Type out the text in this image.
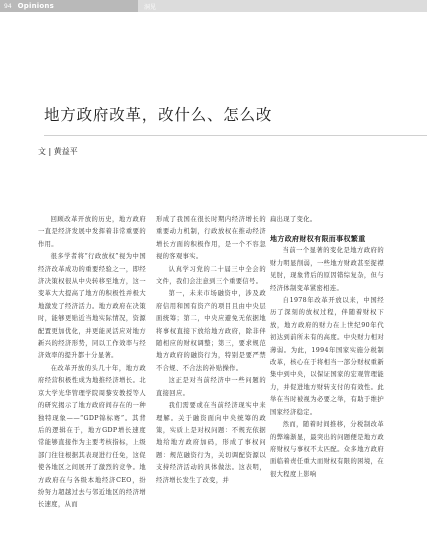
94 Opinions	洞见
地方政府改革，改什么、怎么改
文 | 黄益平

回顾改革开放的历史，地方政府一直是经济发展中发挥着非常重要的作用。

很多学者将“行政放权”视为中国经济改革成功的重要经验之一，即经济决策权很从中央转移至地方，这一变革大大提高了地方的积极性并极大地激发了经济活力。地方政府在决策时，能够更贴近当地实际情况，资源配置更加优化，并更能灵活应对地方新兴的经济形势，同以工作效率与经济效率的提升都十分显著。

在改革开放的头几十年，地方政府经营积极性成为地推经济增长。北京大学光华管理学院周黎安教授等人的研究揭示了地方政府间存在的一种独特现象——“GDP锦标赛”。其背后的逻辑在于，地方GDP增长速度常能够直接作为主要考核指标，上级部门往往根据其表现进行任免，这促使各地区之间展开了激烈的竞争。地方政府在与各级本地经济CEO，纷纷努力超越过去与邻近地区的经济增长速度，从而

形成了我国在很长时期内经济增长的重要动力机制，行政放权在推动经济增长方面的积极作用，是一个不容忽视的客观事实。

认真学习党的二十届三中全会的文件，我们会注意到三个重要信号。

第一，未来市场融资中，涉及政府信用和国有资产的项目且由中央层面统筹；第二，中央应避免无依据地将事权直接下放给地方政府，除非伴随相应的财权调整；第三，要求规范地方政府的融资行为，特别是要严禁不合规、不合法的补贴操作。

这正是对当前经济中一些问题的直接回应。

我们需要或在当前经济现实中来理解。关于融资面向中央统筹的政策，实质上是对权问题：不规充依据地给地方政府加码，形成了事权问题：规范融资行为，关切调配资源以支持经济活动的具体做法。这表明，经济增长发生了改变，并

扁出现了变化。

地方政府财权有限而事权繁重

当前一个显著的变化是地方政府的财力明显削弱，一些地方财政甚至捉襟见肘，现象背后的原因错综复杂，但与经济体制变革紧密相连。

自1978年改革开放以来，中国经历了深刻的放权过程，伴随着财权下放，地方政府的财力在上世纪90年代初达到前所未有的高度。中央财力相对薄弱。为此，1994年国家实施分税制改革，核心在于将相当一部分财权重新集中到中央，以保证国家的宏观管理能力，并促进地方财转支付的有效性。此举在当时被视为必要之举，有助于维护国家经济稳定。

然而，随着时间推移，分税制改革的弊端渐显，最突出的问题便是地方政府财权与事权不太匹配。众多地方政府面临着责任重大而财权有限的困境，在很大程度上影响
